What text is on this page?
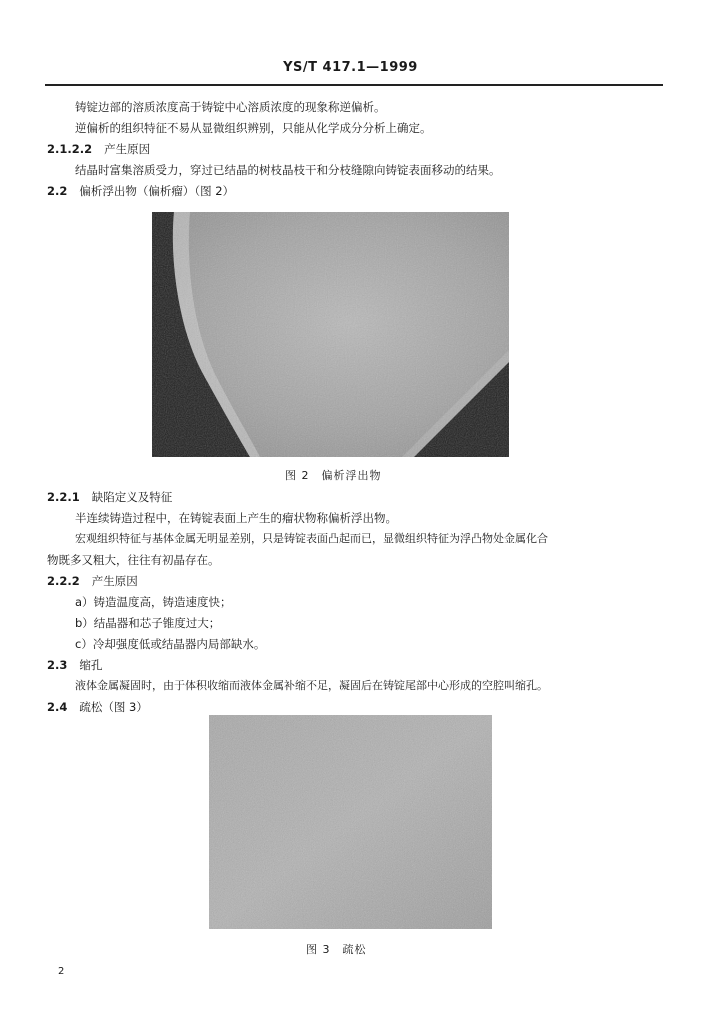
YS/T 417.1—1999
铸锭边部的溶质浓度高于铸锭中心溶质浓度的现象称逆偏析。
逆偏析的组织特征不易从显微组织辨别，只能从化学成分分析上确定。
2.1.2.2 产生原因
结晶时富集溶质受力，穿过已结晶的树枝晶枝干和分枝缝隙向铸锭表面移动的结果。
2.2 偏析浮出物（偏析瘤）（图 2）
图 2 偏析浮出物
2.2.1 缺陷定义及特征
半连续铸造过程中，在铸锭表面上产生的瘤状物称偏析浮出物。
宏观组织特征与基体金属无明显差别，只是铸锭表面凸起而已，显微组织特征为浮凸物处金属化合
物既多又粗大，往往有初晶存在。
2.2.2 产生原因
a）铸造温度高，铸造速度快；
b）结晶器和芯子锥度过大；
c）冷却强度低或结晶器内局部缺水。
2.3 缩孔
液体金属凝固时，由于体积收缩而液体金属补缩不足，凝固后在铸锭尾部中心形成的空腔叫缩孔。
2.4 疏松（图 3）
图 3 疏松
2
